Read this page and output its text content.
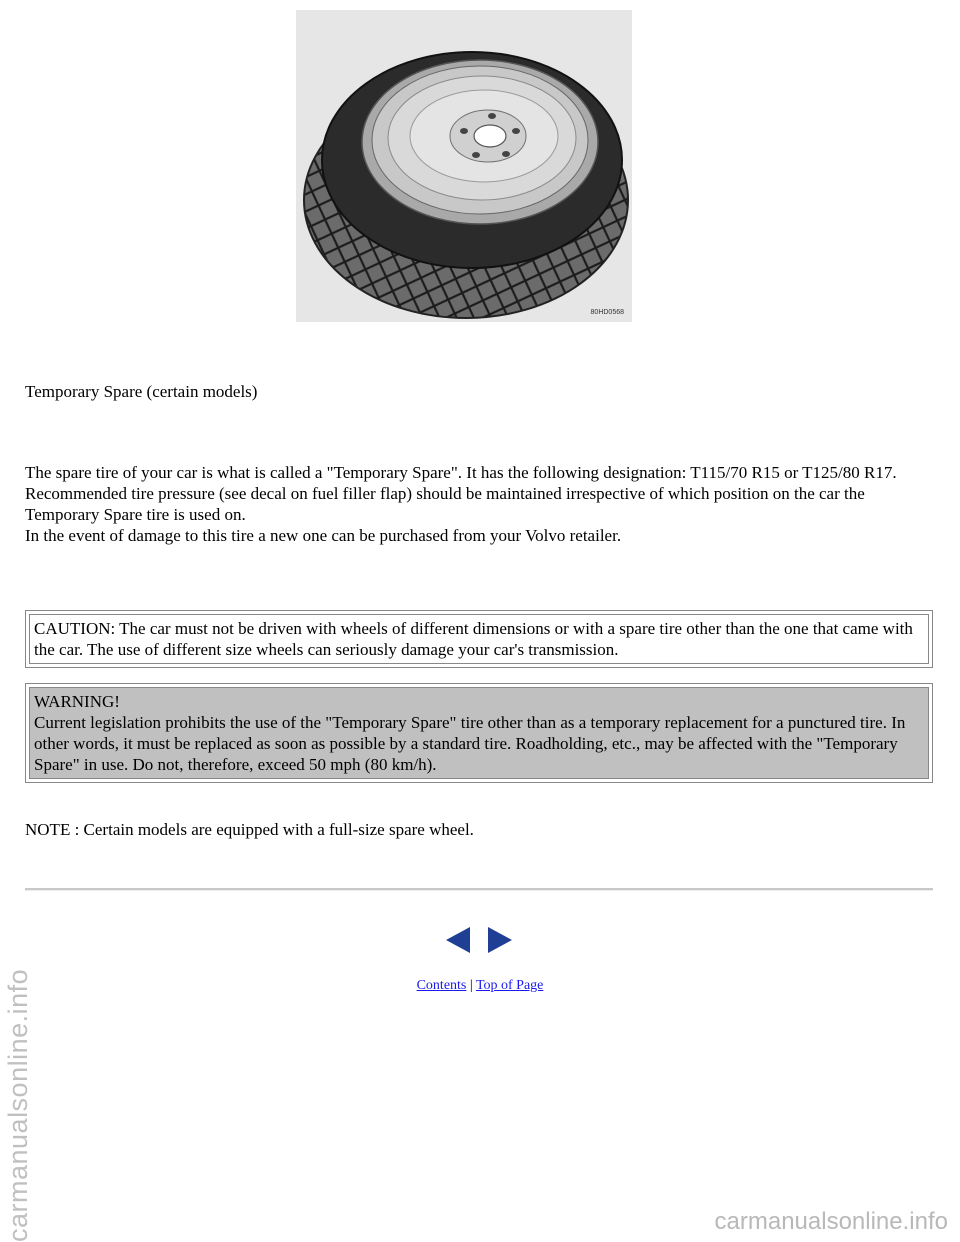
80HD0568
Temporary Spare (certain models)

The spare tire of your car is what is called a "Temporary Spare". It has the following designation: T115/70 R15 or T125/80 R17.

Recommended tire pressure (see decal on fuel filler flap) should be maintained irrespective of which position on the car the Temporary Spare tire is used on.

In the event of damage to this tire a new one can be purchased from your Volvo retailer.

CAUTION: The car must not be driven with wheels of different dimensions or with a spare tire other than the one that came with the car. The use of different size wheels can seriously damage your car's transmission.
WARNING!
Current legislation prohibits the use of the "Temporary Spare" tire other than as a temporary replacement for a punctured tire. In other words, it must be replaced as soon as possible by a standard tire. Roadholding, etc., may be affected with the "Temporary Spare" in use. Do not, therefore, exceed 50 mph (80 km/h).
NOTE : Certain models are equipped with a full-size spare wheel.
Contents | Top of Page
carmanualsonline.info	carmanualsonline.info
